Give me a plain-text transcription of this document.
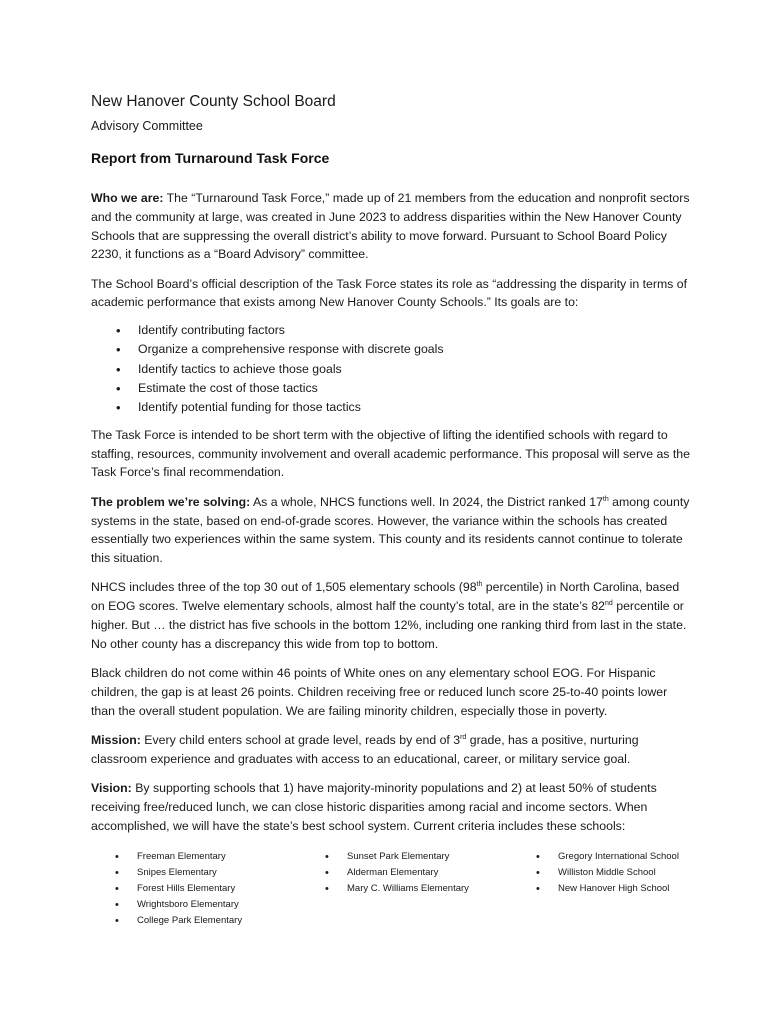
New Hanover County School Board
Advisory Committee
Report from Turnaround Task Force

Who we are: The “Turnaround Task Force,” made up of 21 members from the education and nonprofit sectors and the community at large, was created in June 2023 to address disparities within the New Hanover County Schools that are suppressing the overall district’s ability to move forward. Pursuant to School Board Policy 2230, it functions as a “Board Advisory” committee.

The School Board’s official description of the Task Force states its role as “addressing the disparity in terms of academic performance that exists among New Hanover County Schools.” Its goals are to:

• Identify contributing factors
• Organize a comprehensive response with discrete goals
• Identify tactics to achieve those goals
• Estimate the cost of those tactics
• Identify potential funding for those tactics

The Task Force is intended to be short term with the objective of lifting the identified schools with regard to staffing, resources, community involvement and overall academic performance. This proposal will serve as the Task Force’s final recommendation.

The problem we’re solving: As a whole, NHCS functions well. In 2024, the District ranked 17th among county systems in the state, based on end-of-grade scores. However, the variance within the schools has created essentially two experiences within the same system. This county and its residents cannot continue to tolerate this situation.

NHCS includes three of the top 30 out of 1,505 elementary schools (98th percentile) in North Carolina, based on EOG scores. Twelve elementary schools, almost half the county’s total, are in the state’s 82nd percentile or higher. But … the district has five schools in the bottom 12%, including one ranking third from last in the state. No other county has a discrepancy this wide from top to bottom.

Black children do not come within 46 points of White ones on any elementary school EOG. For Hispanic children, the gap is at least 26 points. Children receiving free or reduced lunch score 25-to-40 points lower than the overall student population. We are failing minority children, especially those in poverty.

Mission: Every child enters school at grade level, reads by end of 3rd grade, has a positive, nurturing classroom experience and graduates with access to an educational, career, or military service goal.

Vision: By supporting schools that 1) have majority-minority populations and 2) at least 50% of students receiving free/reduced lunch, we can close historic disparities among racial and income sectors. When accomplished, we will have the state’s best school system. Current criteria includes these schools:

• Freeman Elementary
• Snipes Elementary
• Forest Hills Elementary
• Wrightsboro Elementary
• College Park Elementary
• Sunset Park Elementary
• Alderman Elementary
• Mary C. Williams Elementary
• Gregory International School
• Williston Middle School
• New Hanover High School
